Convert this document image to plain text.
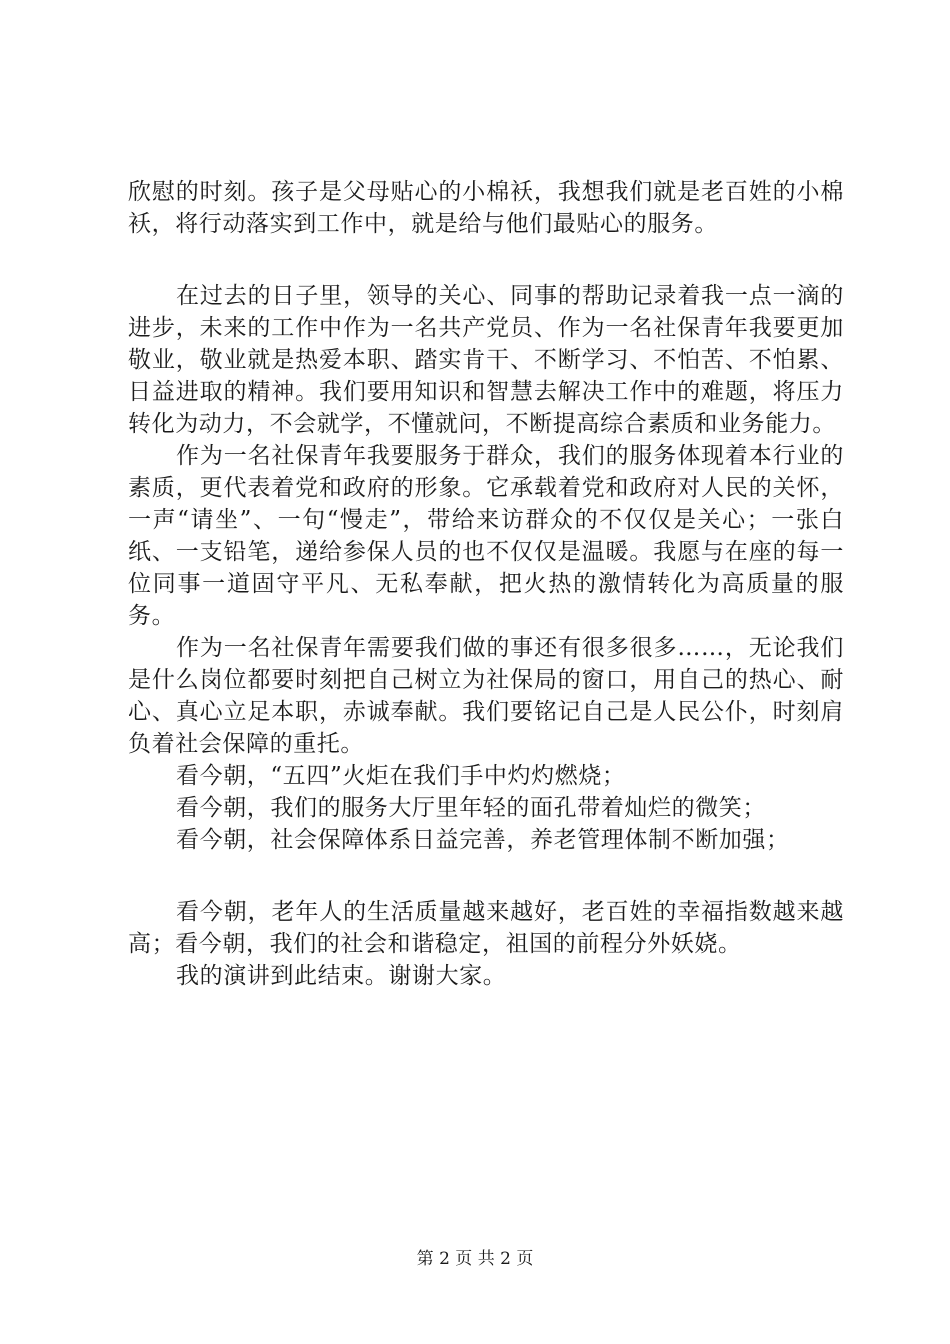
欣慰的时刻。孩子是父母贴心的小棉袄，我想我们就是老百姓的小棉袄，将行动落实到工作中，就是给与他们最贴心的服务。

在过去的日子里，领导的关心、同事的帮助记录着我一点一滴的进步，未来的工作中作为一名共产党员、作为一名社保青年我要更加敬业，敬业就是热爱本职、踏实肯干、不断学习、不怕苦、不怕累、日益进取的精神。我们要用知识和智慧去解决工作中的难题，将压力转化为动力，不会就学，不懂就问，不断提高综合素质和业务能力。

作为一名社保青年我要服务于群众，我们的服务体现着本行业的素质，更代表着党和政府的形象。它承载着党和政府对人民的关怀，一声“请坐”、一句“慢走”，带给来访群众的不仅仅是关心；一张白纸、一支铅笔，递给参保人员的也不仅仅是温暖。我愿与在座的每一位同事一道固守平凡、无私奉献，把火热的激情转化为高质量的服务。

作为一名社保青年需要我们做的事还有很多很多……，无论我们是什么岗位都要时刻把自己树立为社保局的窗口，用自己的热心、耐心、真心立足本职，赤诚奉献。我们要铭记自己是人民公仆，时刻肩负着社会保障的重托。

看今朝，“五四”火炬在我们手中灼灼燃烧；

看今朝，我们的服务大厅里年轻的面孔带着灿烂的微笑；

看今朝，社会保障体系日益完善，养老管理体制不断加强；

看今朝，老年人的生活质量越来越好，老百姓的幸福指数越来越高；看今朝，我们的社会和谐稳定，祖国的前程分外妖娆。

我的演讲到此结束。谢谢大家。

第 2 页 共 2 页
